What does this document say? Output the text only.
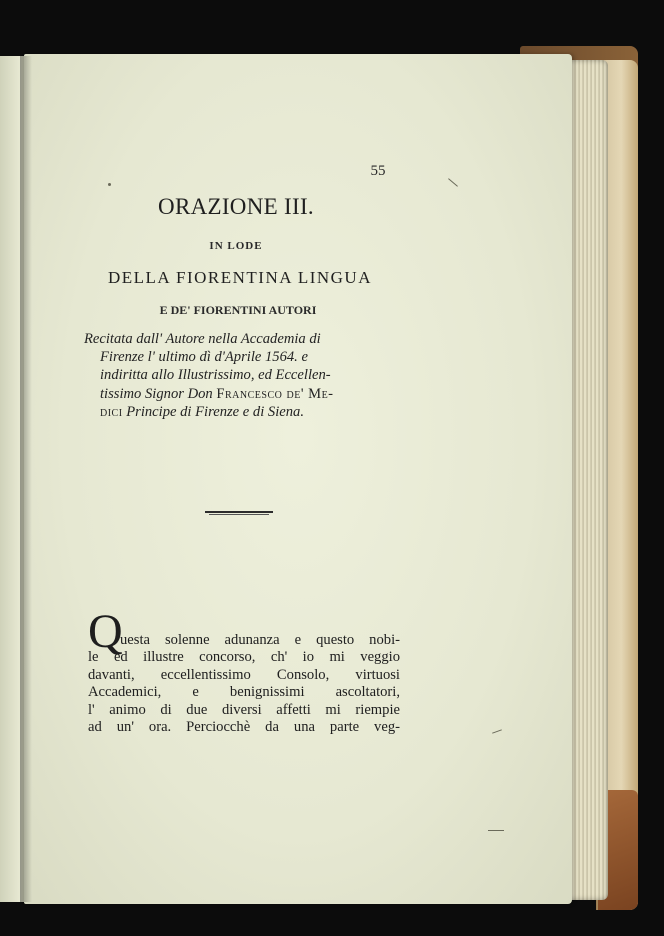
55
ORAZIONE III.
IN LODE
DELLA FIORENTINA LINGUA
E DE' FIORENTINI AUTORI
Recitata dall' Autore nella Accademia di
Firenze l' ultimo dì d'Aprile 1564. e
indiritta allo Illustrissimo, ed Eccellen-
tissimo Signor Don Francesco de' Me-
dici Principe di Firenze e di Siena.
Q
uesta solenne adunanza e questo nobi-
le ed illustre concorso, ch' io mi veggio
davanti, eccellentissimo Consolo, virtuosi
Accademici, e benignissimi ascoltatori,
l' animo di due diversi affetti mi riempie
ad un' ora. Perciocchè da una parte veg-
